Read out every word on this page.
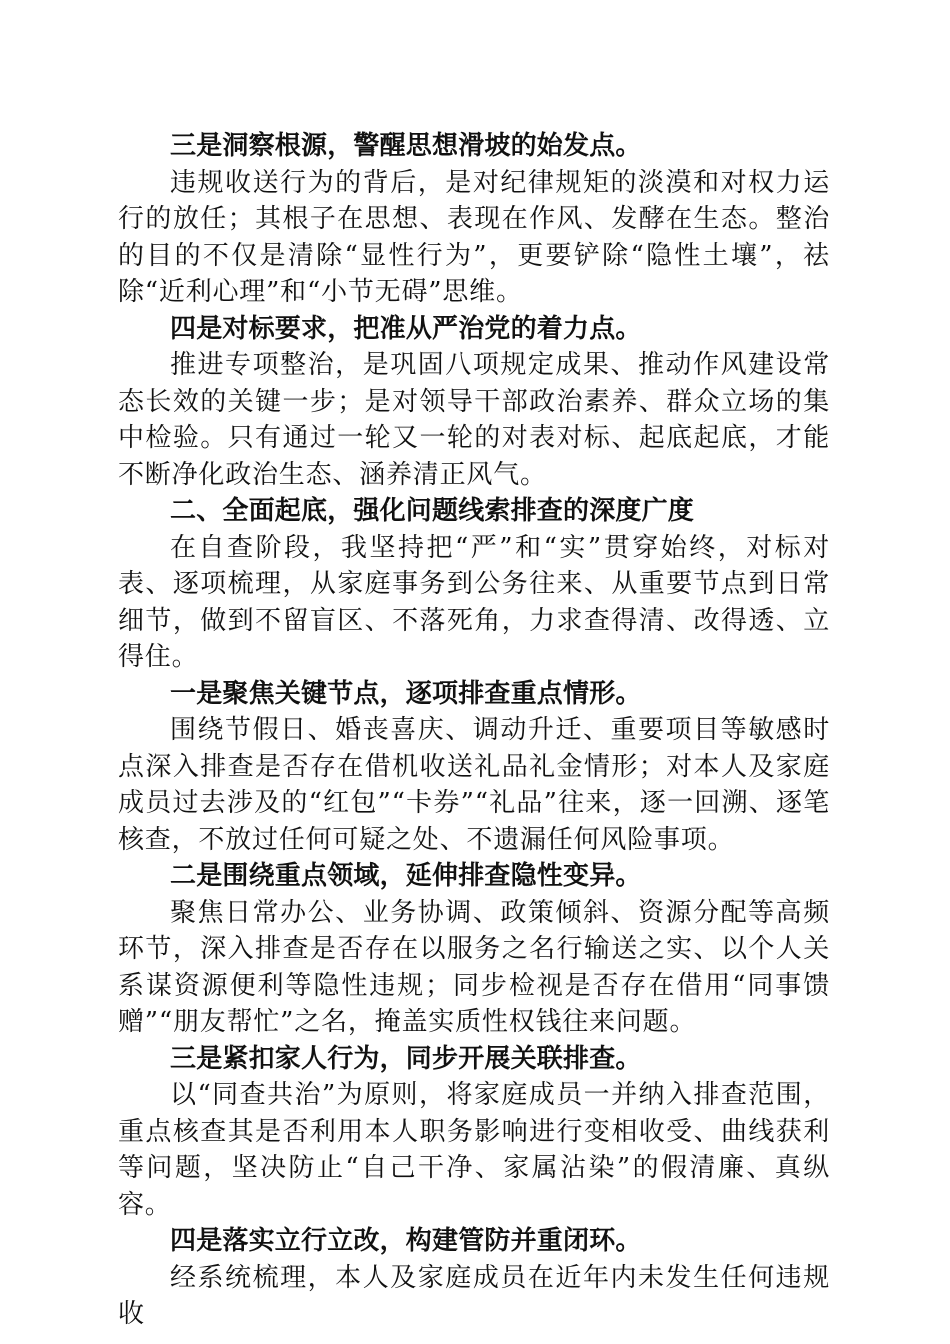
三是洞察根源，警醒思想滑坡的始发点。

违规收送行为的背后，是对纪律规矩的淡漠和对权力运行的放任；其根子在思想、表现在作风、发酵在生态。整治的目的不仅是清除“显性行为”，更要铲除“隐性土壤”，祛除“近利心理”和“小节无碍”思维。

四是对标要求，把准从严治党的着力点。

推进专项整治，是巩固八项规定成果、推动作风建设常态长效的关键一步；是对领导干部政治素养、群众立场的集中检验。只有通过一轮又一轮的对表对标、起底起底，才能不断净化政治生态、涵养清正风气。

二、全面起底，强化问题线索排查的深度广度

在自查阶段，我坚持把“严”和“实”贯穿始终，对标对表、逐项梳理，从家庭事务到公务往来、从重要节点到日常细节，做到不留盲区、不落死角，力求查得清、改得透、立得住。

一是聚焦关键节点，逐项排查重点情形。

围绕节假日、婚丧喜庆、调动升迁、重要项目等敏感时点深入排查是否存在借机收送礼品礼金情形；对本人及家庭成员过去涉及的“红包”“卡券”“礼品”往来，逐一回溯、逐笔核查，不放过任何可疑之处、不遗漏任何风险事项。

二是围绕重点领域，延伸排查隐性变异。

聚焦日常办公、业务协调、政策倾斜、资源分配等高频环节，深入排查是否存在以服务之名行输送之实、以个人关系谋资源便利等隐性违规；同步检视是否存在借用“同事馈赠”“朋友帮忙”之名，掩盖实质性权钱往来问题。

三是紧扣家人行为，同步开展关联排查。

以“同查共治”为原则，将家庭成员一并纳入排查范围，重点核查其是否利用本人职务影响进行变相收受、曲线获利等问题，坚决防止“自己干净、家属沾染”的假清廉、真纵容。

四是落实立行立改，构建管防并重闭环。

经系统梳理，本人及家庭成员在近年内未发生任何违规收
